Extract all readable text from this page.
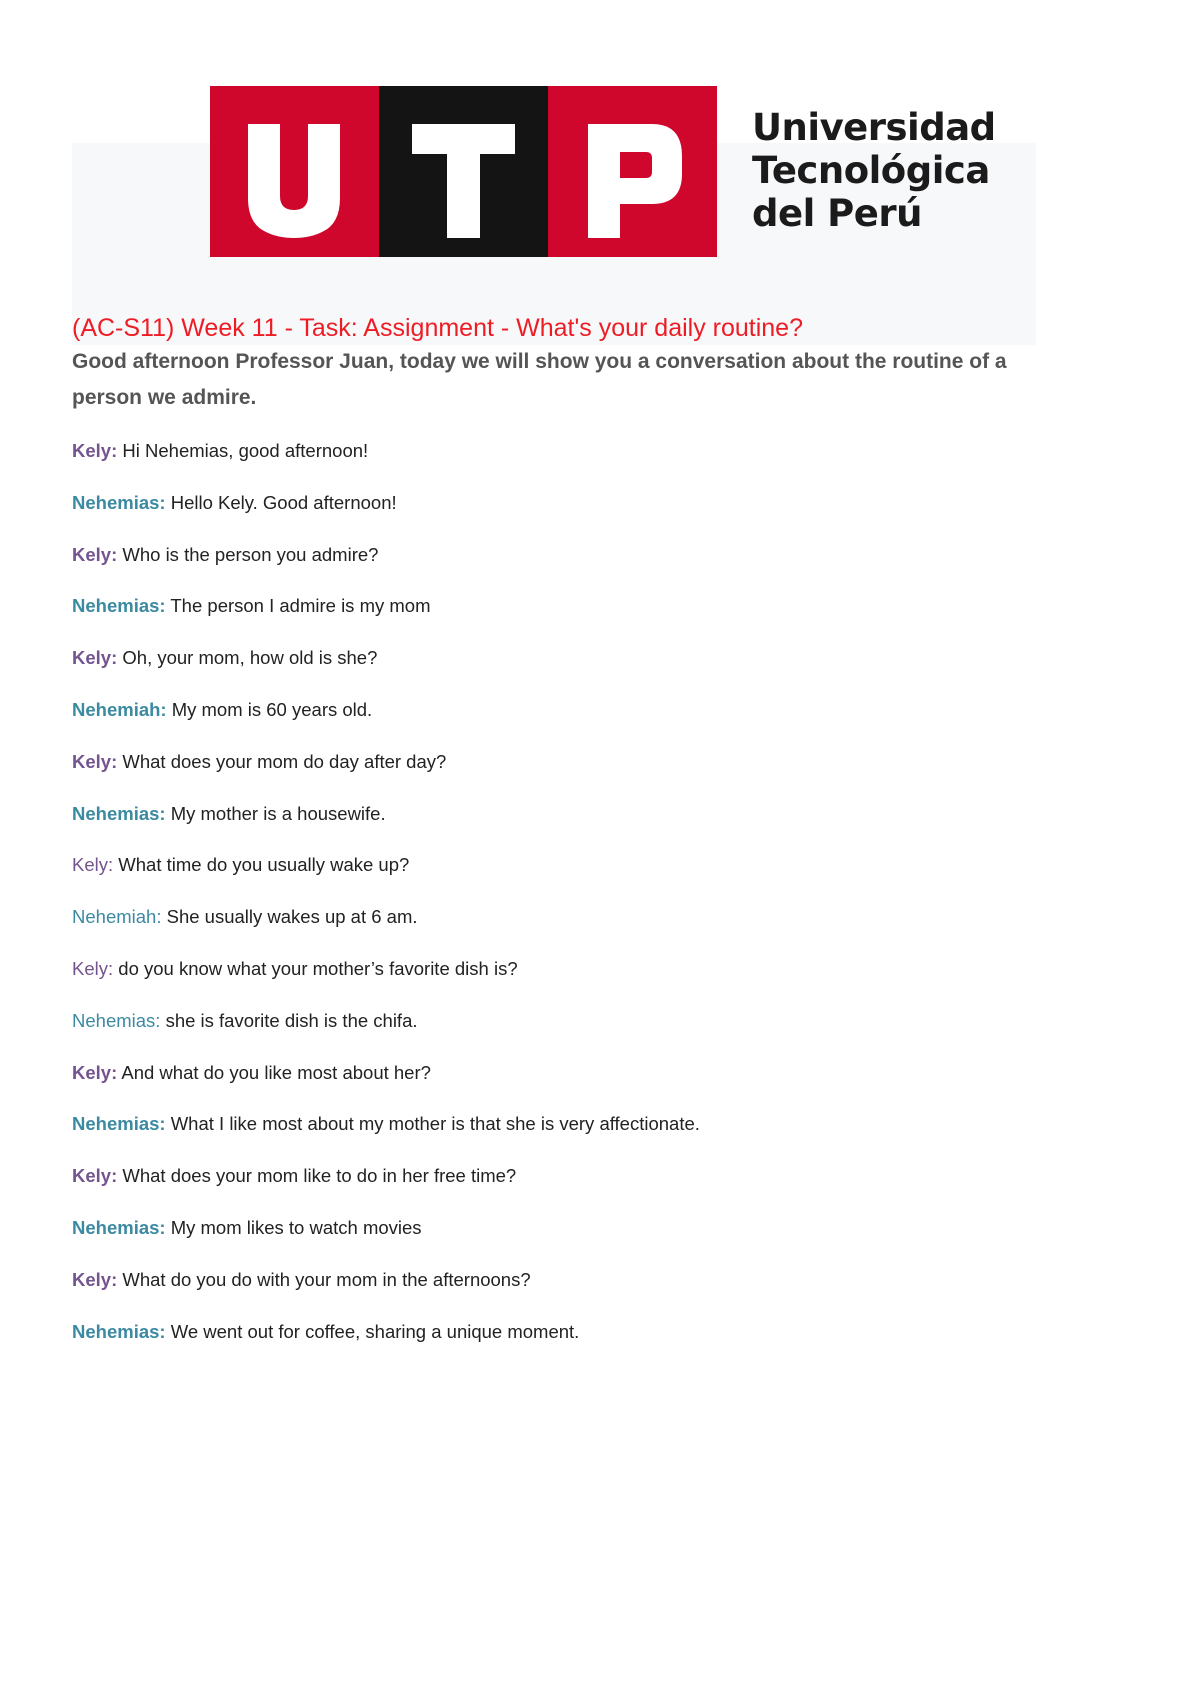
Universidad
Tecnológica
del Perú
(AC-S11) Week 11 - Task: Assignment - What's your daily routine?
Good afternoon Professor Juan, today we will show you a conversation about the routine of a person we admire.
Kely: Hi Nehemias, good afternoon!
Nehemias: Hello Kely. Good afternoon!
Kely: Who is the person you admire?
Nehemias: The person I admire is my mom
Kely: Oh, your mom, how old is she?
Nehemiah: My mom is 60 years old.
Kely: What does your mom do day after day?
Nehemias: My mother is a housewife.
Kely: What time do you usually wake up?
Nehemiah: She usually wakes up at 6 am.
Kely: do you know what your mother’s favorite dish is?
Nehemias: she is favorite dish is the chifa.
Kely: And what do you like most about her?
Nehemias: What I like most about my mother is that she is very affectionate.
Kely: What does your mom like to do in her free time?
Nehemias: My mom likes to watch movies
Kely: What do you do with your mom in the afternoons?
Nehemias: We went out for coffee, sharing a unique moment.
